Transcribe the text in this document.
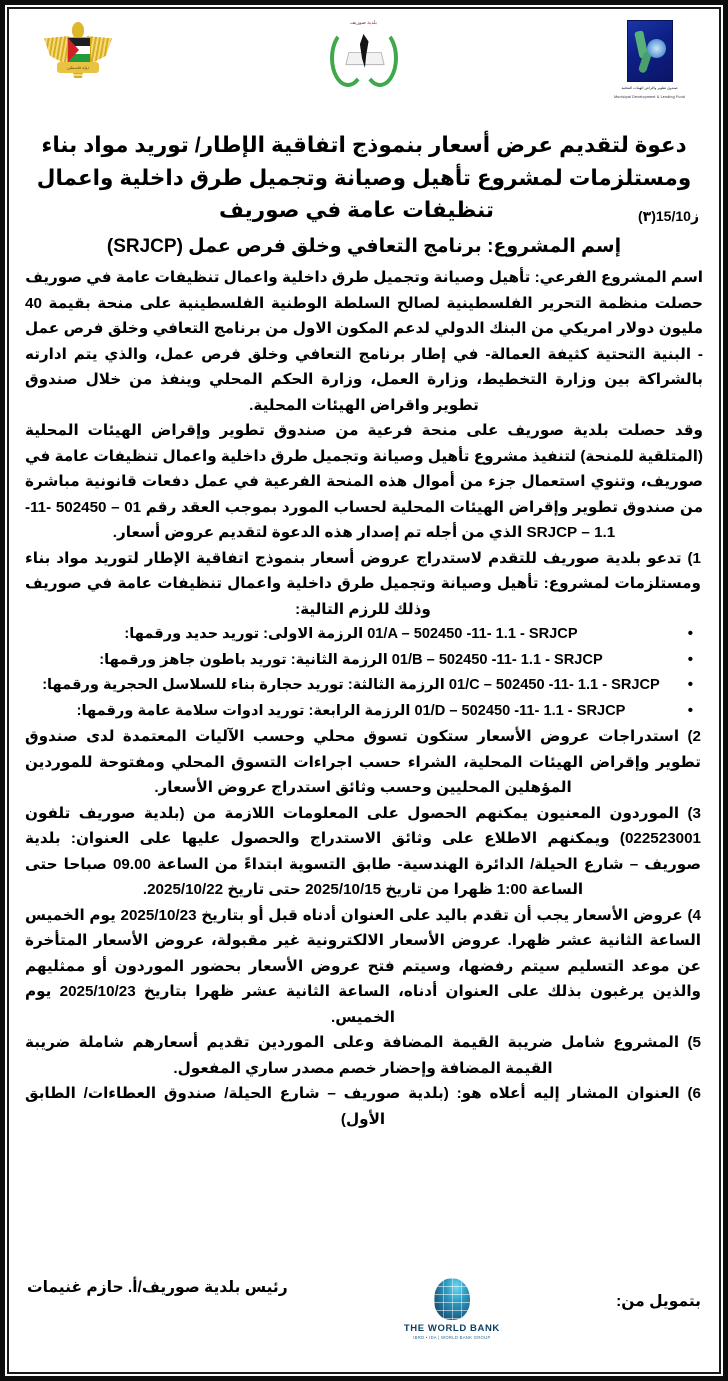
صندوق تطوير واقراض الهيئات المحلية
Municipal Development & Lending Fund
بلدية صوريف
دولة فلسطين
دعوة لتقديم عرض أسعار بنموذج اتفاقية الإطار/ توريد مواد بناء
ومستلزمات لمشروع تأهيل وصيانة وتجميل طرق داخلية واعمال
ز15/10(٣)
تنظيفات عامة في صوريف
إسم المشروع: برنامج التعافي وخلق فرص عمل (SRJCP)

اسم المشروع الفرعي: تأهيل وصيانة وتجميل طرق داخلية واعمال تنظيفات عامة في صوريف

حصلت منظمة التحرير الفلسطينية لصالح السلطة الوطنية الفلسطينية على منحة بقيمة 40 مليون دولار امريكي من البنك الدولي لدعم المكون الاول من برنامج التعافي وخلق فرص عمل - البنية التحتية كثيفة العمالة- في إطار برنامج التعافي وخلق فرص عمل، والذي يتم ادارته بالشراكة بين وزارة التخطيط، وزارة العمل، وزارة الحكم المحلي وينفذ من خلال صندوق تطوير واقراض الهيئات المحلية.

وقد حصلت بلدية صوريف على منحة فرعية من صندوق تطوير وإقراض الهيئات المحلية (المتلقية للمنحة) لتنفيذ مشروع تأهيل وصيانة وتجميل طرق داخلية واعمال تنظيفات عامة في صوريف، وتنوي استعمال جزء من أموال هذه المنحة الفرعية في عمل دفعات قانونية مباشرة من صندوق تطوير وإقراض الهيئات المحلية لحساب المورد بموجب العقد رقم 01 – 502450 -11- 1.1 – SRJCP الذي من أجله تم إصدار هذه الدعوة لتقديم عروض أسعار.

1) تدعو بلدية صوريف للتقدم لاستدراج عروض أسعار بنموذج اتفاقية الإطار لتوريد مواد بناء ومستلزمات لمشروع: تأهيل وصيانة وتجميل طرق داخلية واعمال تنظيفات عامة في صوريف وذلك للرزم التالية:

• 01/A – 502450 -11- 1.1 - SRJCP الرزمة الاولى: توريد حديد ورقمها:
• 01/B – 502450 -11- 1.1 - SRJCP الرزمة الثانية: توريد باطون جاهز ورقمها:
• 01/C – 502450 -11- 1.1 - SRJCP الرزمة الثالثة: توريد حجارة بناء للسلاسل الحجرية ورقمها:
• 01/D – 502450 -11- 1.1 - SRJCP الرزمة الرابعة: توريد ادوات سلامة عامة ورقمها:

2) استدراجات عروض الأسعار ستكون تسوق محلي وحسب الآليات المعتمدة لدى صندوق تطوير وإقراض الهيئات المحلية، الشراء حسب اجراءات التسوق المحلي ومفتوحة للموردين المؤهلين المحليين وحسب وثائق استدراج عروض الأسعار.

3) الموردون المعنيون يمكنهم الحصول على المعلومات اللازمة من (بلدية صوريف تلفون 022523001) ويمكنهم الاطلاع على وثائق الاستدراج والحصول عليها على العنوان: بلدية صوريف – شارع الحيلة/ الدائرة الهندسية- طابق التسوية ابتداءً من الساعة 09.00 صباحا حتى الساعة 1:00 ظهرا من تاريخ 2025/10/15 حتى تاريخ 2025/10/22.

4) عروض الأسعار يجب أن تقدم باليد على العنوان أدناه قبل أو بتاريخ 2025/10/23 يوم الخميس الساعة الثانية عشر ظهرا. عروض الأسعار الالكترونية غير مقبولة، عروض الأسعار المتأخرة عن موعد التسليم سيتم رفضها، وسيتم فتح عروض الأسعار بحضور الموردون أو ممثليهم والذين يرغبون بذلك على العنوان أدناه، الساعة الثانية عشر ظهرا بتاريخ 2025/10/23 يوم الخميس.

5) المشروع شامل ضريبة القيمة المضافة وعلى الموردين تقديم أسعارهم شاملة ضريبة القيمة المضافة وإحضار خصم مصدر ساري المفعول.

6) العنوان المشار إليه أعلاه هو: (بلدية صوريف – شارع الحيلة/ صندوق العطاءات/ الطابق الأول)

بتمويل من:
THE WORLD BANK
IBRD • IDA | WORLD BANK GROUP
رئيس بلدية صوريف/أ. حازم غنيمات
